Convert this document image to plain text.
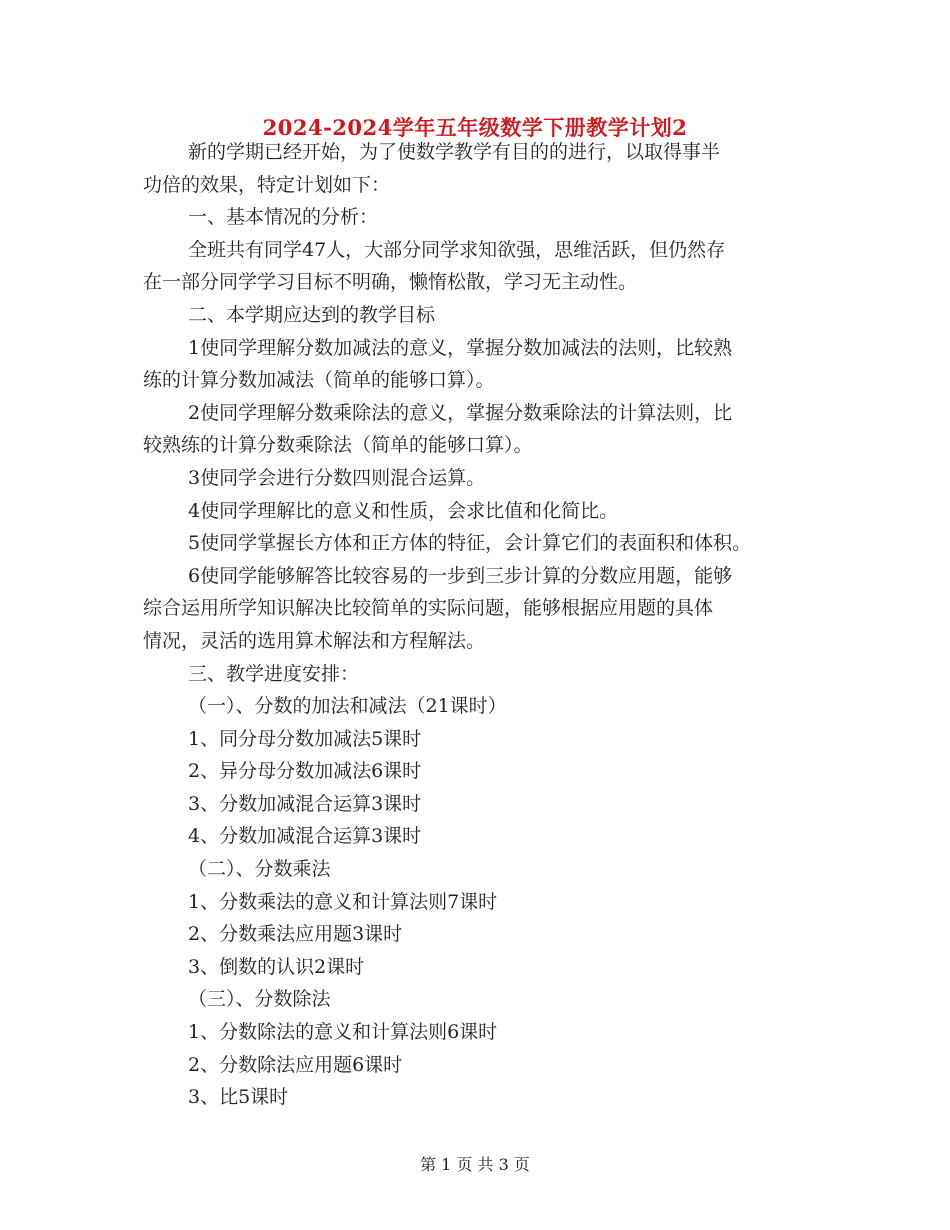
2024-2024学年五年级数学下册教学计划2
新的学期已经开始，为了使数学教学有目的的进行，以取得事半
功倍的效果，特定计划如下：
一、基本情况的分析：
全班共有同学47人，大部分同学求知欲强，思维活跃，但仍然存
在一部分同学学习目标不明确，懒惰松散，学习无主动性。
二、本学期应达到的教学目标
1使同学理解分数加减法的意义，掌握分数加减法的法则，比较熟
练的计算分数加减法（简单的能够口算）。
2使同学理解分数乘除法的意义，掌握分数乘除法的计算法则，比
较熟练的计算分数乘除法（简单的能够口算）。
3使同学会进行分数四则混合运算。
4使同学理解比的意义和性质，会求比值和化简比。
5使同学掌握长方体和正方体的特征，会计算它们的表面积和体积。
6使同学能够解答比较容易的一步到三步计算的分数应用题，能够
综合运用所学知识解决比较简单的实际问题，能够根据应用题的具体
情况，灵活的选用算术解法和方程解法。
三、教学进度安排：
（一）、分数的加法和减法（21课时）
1、同分母分数加减法5课时
2、异分母分数加减法6课时
3、分数加减混合运算3课时
4、分数加减混合运算3课时
（二）、分数乘法
1、分数乘法的意义和计算法则7课时
2、分数乘法应用题3课时
3、倒数的认识2课时
（三）、分数除法
1、分数除法的意义和计算法则6课时
2、分数除法应用题6课时
3、比5课时
第 1 页 共 3 页
